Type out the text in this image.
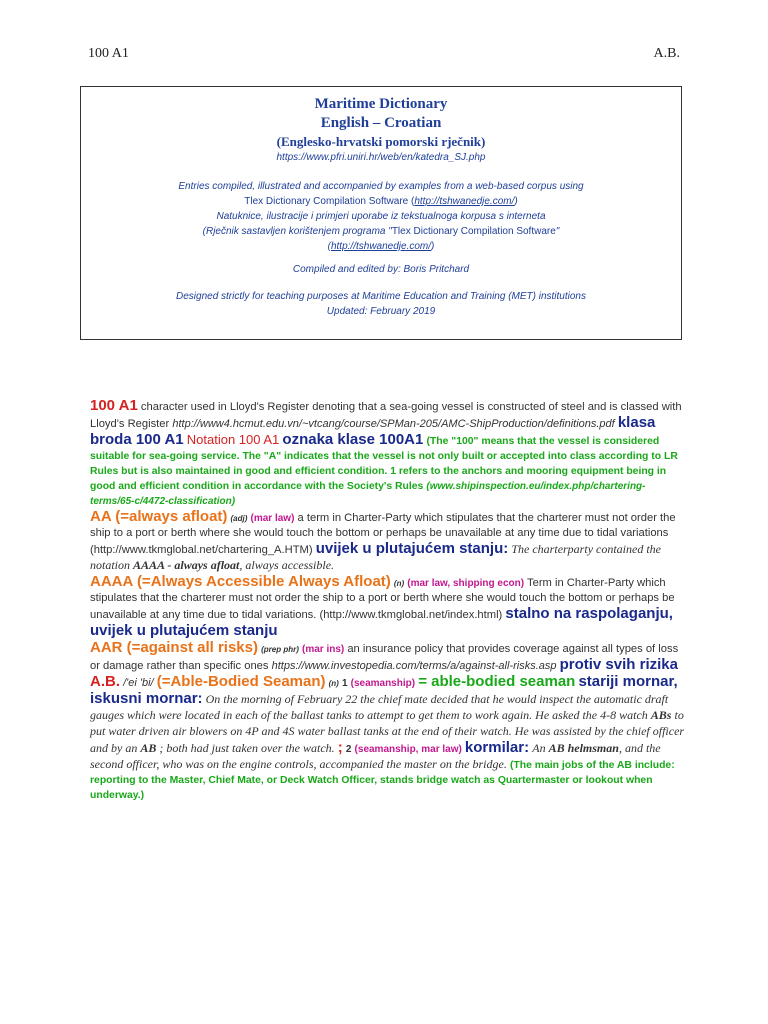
100 A1	A.B.
Maritime Dictionary
English – Croatian
(Englesko-hrvatski pomorski rječnik)
https://www.pfri.uniri.hr/web/en/katedra_SJ.php
Entries compiled, illustrated and accompanied by examples from a web-based corpus using
Tlex Dictionary Compilation Software (http://tshwanedje.com/)
Natuknice, ilustracije i primjeri uporabe iz tekstualnoga korpusa s interneta
(Rječnik sastavljen korištenjem programa "Tlex Dictionary Compilation Software"
(http://tshwanedje.com/)
Compiled and edited by: Boris Pritchard
Designed strictly for teaching purposes at Maritime Education and Training (MET) institutions
Updated: February 2019

100 A1 character used in Lloyd's Register denoting that a sea-going vessel is constructed of steel and is classed with Lloyd's Register http://www4.hcmut.edu.vn/~vtcang/course/SPMan-205/AMC-ShipProduction/definitions.pdf klasa broda 100 A1 Notation 100 A1 oznaka klase 100A1 (The "100" means that the vessel is considered suitable for sea-going service. The "A" indicates that the vessel is not only built or accepted into class according to LR Rules but is also maintained in good and efficient condition. 1 refers to the anchors and mooring equipment being in good and efficient condition in accordance with the Society's Rules (www.shipinspection.eu/index.php/chartering-terms/65-c/4472-classification)

AA (=always afloat) (adj) (mar law) a term in Charter-Party which stipulates that the charterer must not order the ship to a port or berth where she would touch the bottom or perhaps be unavailable at any time due to tidal variations (http://www.tkmglobal.net/chartering_A.HTM) uvijek u plutajućem stanju: The charterparty contained the notation AAAA - always afloat, always accessible.

AAAA (=Always Accessible Always Afloat) (n) (mar law, shipping econ) Term in Charter-Party which stipulates that the charterer must not order the ship to a port or berth where she would touch the bottom or perhaps be unavailable at any time due to tidal variations. (http://www.tkmglobal.net/index.html) stalno na raspolaganju, uvijek u plutajućem stanju

AAR (=against all risks) (prep phr) (mar ins) an insurance policy that provides coverage against all types of loss or damage rather than specific ones https://www.investopedia.com/terms/a/against-all-risks.asp protiv svih rizika

A.B. /'ei 'bi/ (=Able-Bodied Seaman) (n) 1 (seamanship) = able-bodied seaman stariji mornar, iskusni mornar: On the morning of February 22 the chief mate decided that he would inspect the automatic draft gauges which were located in each of the ballast tanks to attempt to get them to work again. He asked the 4-8 watch ABs to put water driven air blowers on 4P and 4S water ballast tanks at the end of their watch. He was assisted by the chief officer and by an AB ; both had just taken over the watch. ; 2 (seamanship, mar law) kormilar: An AB helmsman, and the second officer, who was on the engine controls, accompanied the master on the bridge. (The main jobs of the AB include: reporting to the Master, Chief Mate, or Deck Watch Officer, stands bridge watch as Quartermaster or lookout when underway.)
